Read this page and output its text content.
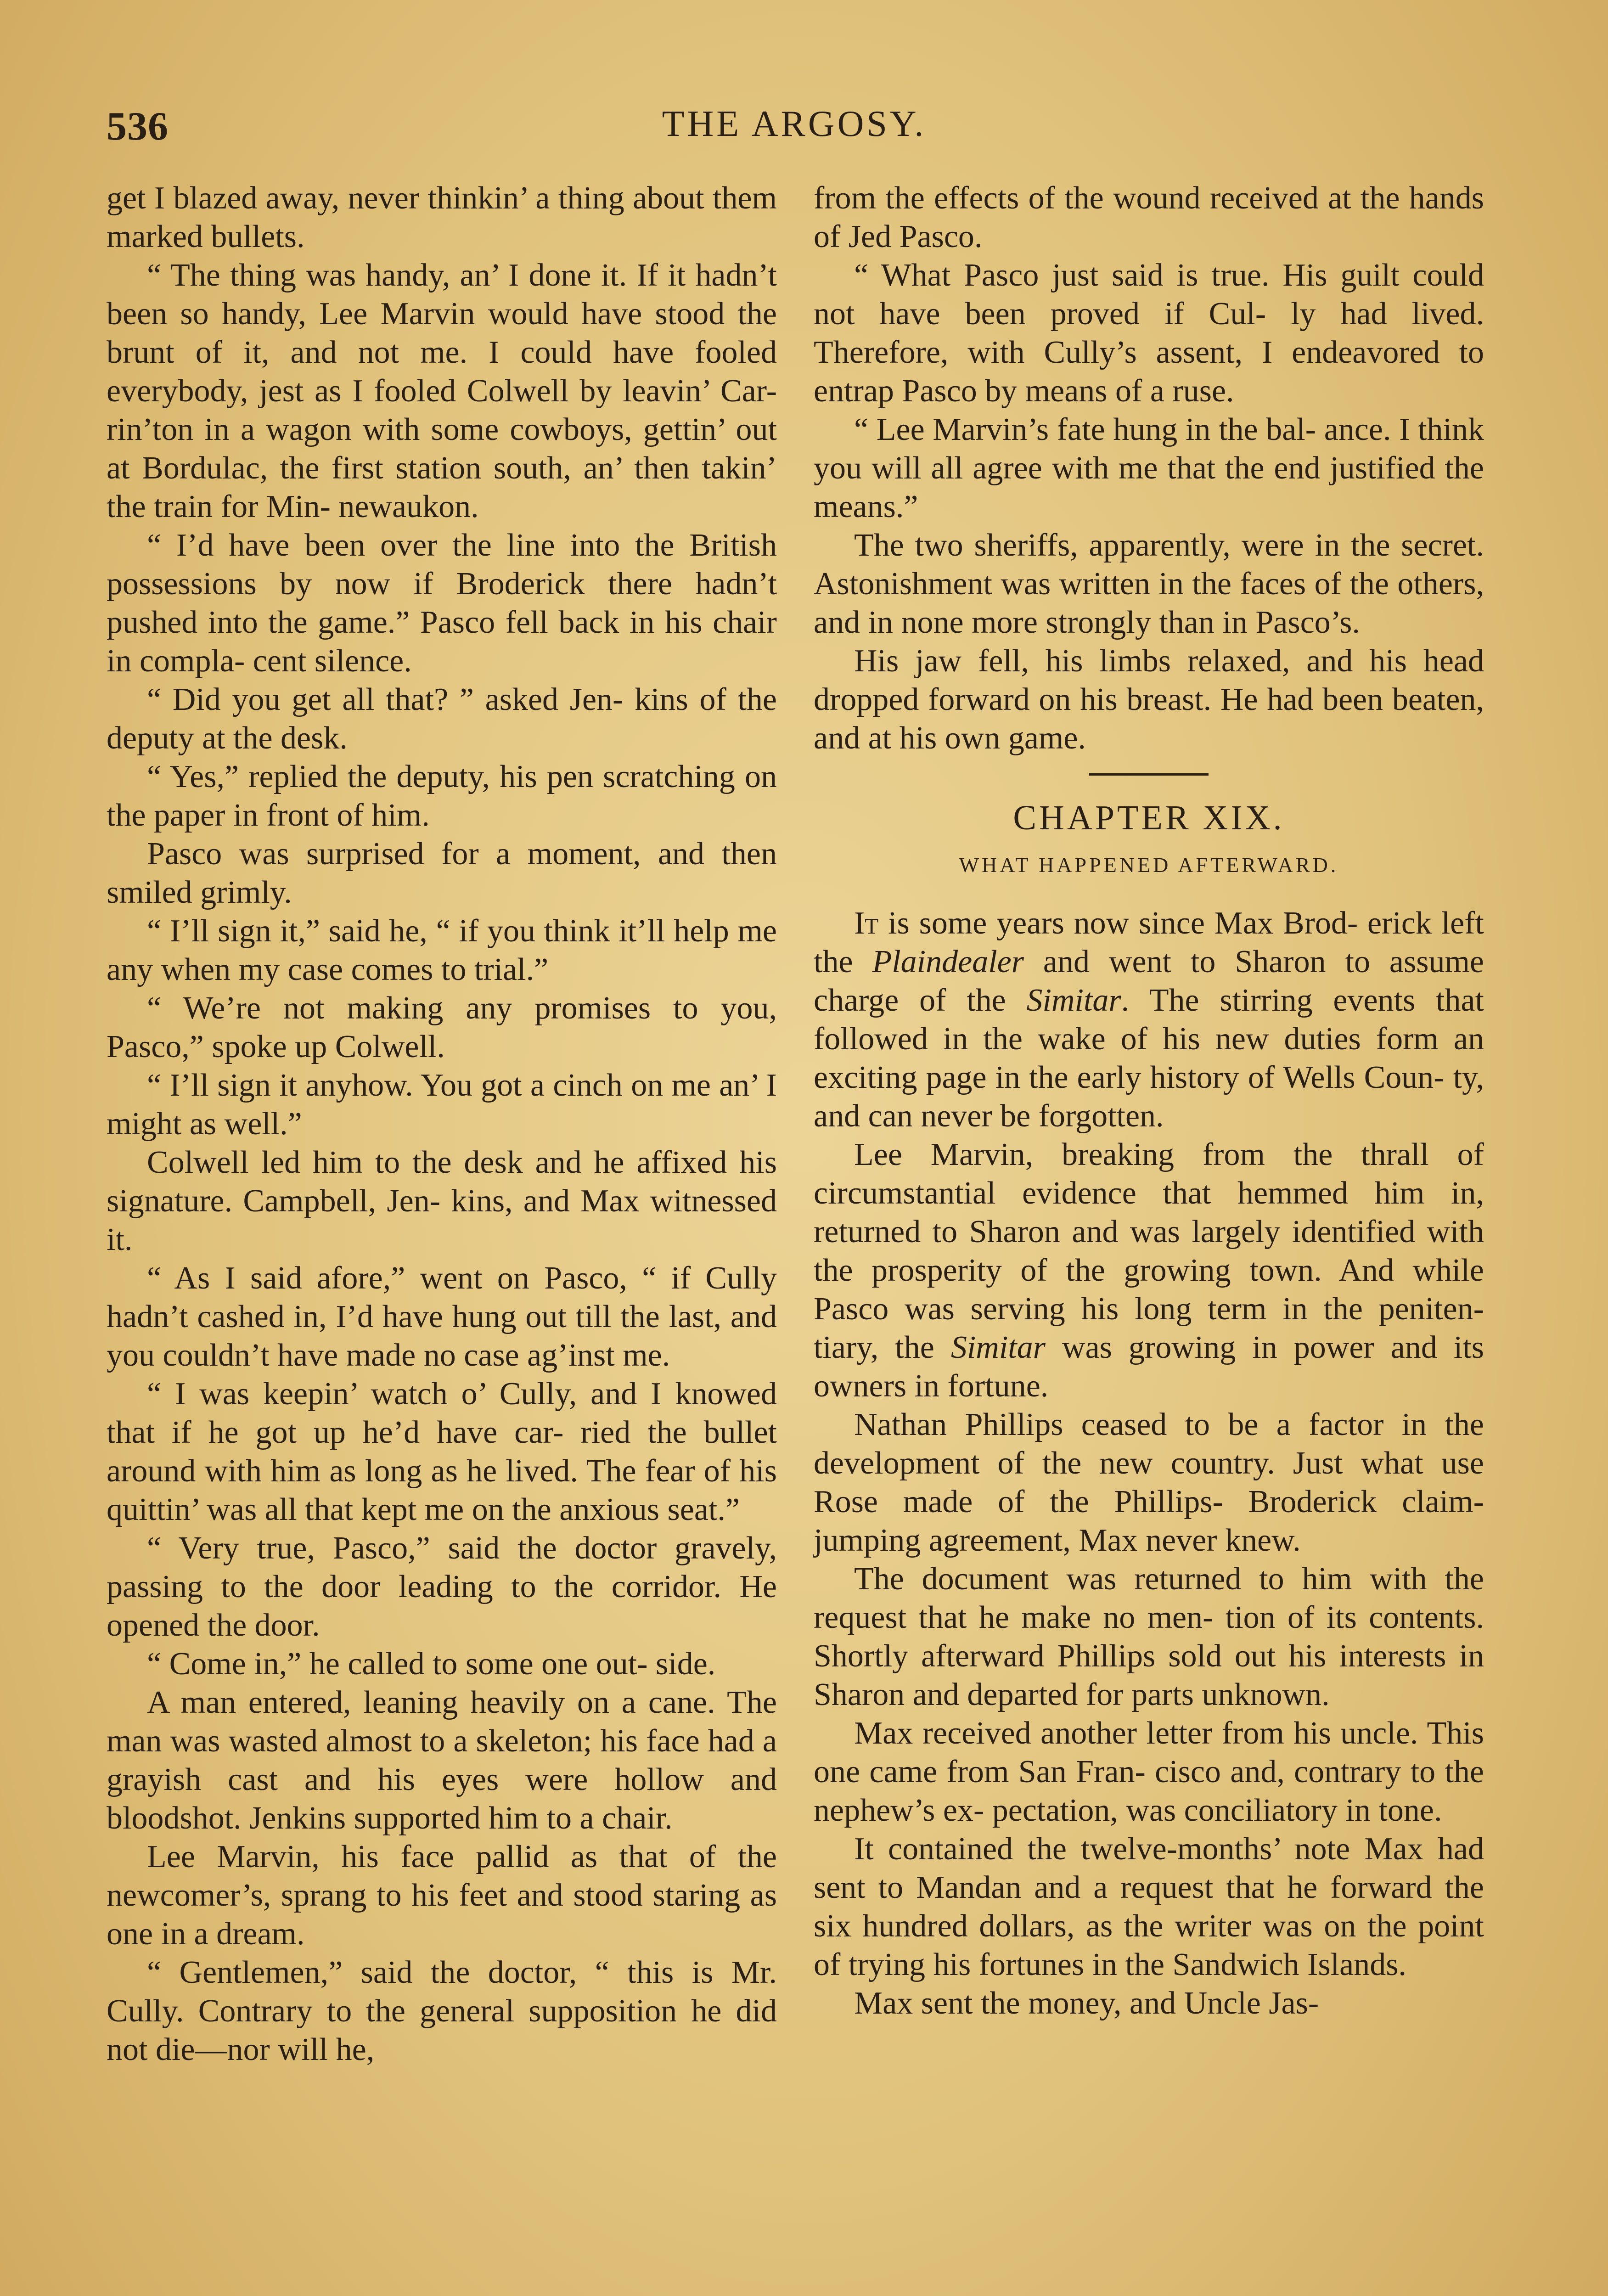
536	THE ARGOSY.

get I blazed away, never thinkin’ a thing about them marked bullets.

“ The thing was handy, an’ I done it. If it hadn’t been so handy, Lee Marvin would have stood the brunt of it, and not me. I could have fooled everybody, jest as I fooled Colwell by leavin’ Car- rin’ton in a wagon with some cowboys, gettin’ out at Bordulac, the first station south, an’ then takin’ the train for Min- newaukon.

“ I’d have been over the line into the British possessions by now if Broderick there hadn’t pushed into the game.” Pasco fell back in his chair in compla- cent silence.

“ Did you get all that? ” asked Jen- kins of the deputy at the desk.

“ Yes,” replied the deputy, his pen scratching on the paper in front of him.

Pasco was surprised for a moment, and then smiled grimly.

“ I’ll sign it,” said he, “ if you think it’ll help me any when my case comes to trial.”

“ We’re not making any promises to you, Pasco,” spoke up Colwell.

“ I’ll sign it anyhow. You got a cinch on me an’ I might as well.”

Colwell led him to the desk and he affixed his signature. Campbell, Jen- kins, and Max witnessed it.

“ As I said afore,” went on Pasco, “ if Cully hadn’t cashed in, I’d have hung out till the last, and you couldn’t have made no case ag’inst me.

“ I was keepin’ watch o’ Cully, and I knowed that if he got up he’d have car- ried the bullet around with him as long as he lived. The fear of his quittin’ was all that kept me on the anxious seat.”

“ Very true, Pasco,” said the doctor gravely, passing to the door leading to the corridor. He opened the door.

“ Come in,” he called to some one out- side.

A man entered, leaning heavily on a cane. The man was wasted almost to a skeleton; his face had a grayish cast and his eyes were hollow and bloodshot. Jenkins supported him to a chair.

Lee Marvin, his face pallid as that of the newcomer’s, sprang to his feet and stood staring as one in a dream.

“ Gentlemen,” said the doctor, “ this is Mr. Cully. Contrary to the general supposition he did not die—nor will he,

from the effects of the wound received at the hands of Jed Pasco.

“ What Pasco just said is true. His guilt could not have been proved if Cul- ly had lived. Therefore, with Cully’s assent, I endeavored to entrap Pasco by means of a ruse.

“ Lee Marvin’s fate hung in the bal- ance. I think you will all agree with me that the end justified the means.”

The two sheriffs, apparently, were in the secret. Astonishment was written in the faces of the others, and in none more strongly than in Pasco’s.

His jaw fell, his limbs relaxed, and his head dropped forward on his breast. He had been beaten, and at his own game.

CHAPTER XIX.
WHAT HAPPENED AFTERWARD.

It is some years now since Max Brod- erick left the Plaindealer and went to Sharon to assume charge of the Simitar. The stirring events that followed in the wake of his new duties form an exciting page in the early history of Wells Coun- ty, and can never be forgotten.

Lee Marvin, breaking from the thrall of circumstantial evidence that hemmed him in, returned to Sharon and was largely identified with the prosperity of the growing town. And while Pasco was serving his long term in the peniten- tiary, the Simitar was growing in power and its owners in fortune.

Nathan Phillips ceased to be a factor in the development of the new country. Just what use Rose made of the Phillips- Broderick claim-jumping agreement, Max never knew.

The document was returned to him with the request that he make no men- tion of its contents. Shortly afterward Phillips sold out his interests in Sharon and departed for parts unknown.

Max received another letter from his uncle. This one came from San Fran- cisco and, contrary to the nephew’s ex- pectation, was conciliatory in tone.

It contained the twelve-months’ note Max had sent to Mandan and a request that he forward the six hundred dollars, as the writer was on the point of trying his fortunes in the Sandwich Islands.

Max sent the money, and Uncle Jas-
